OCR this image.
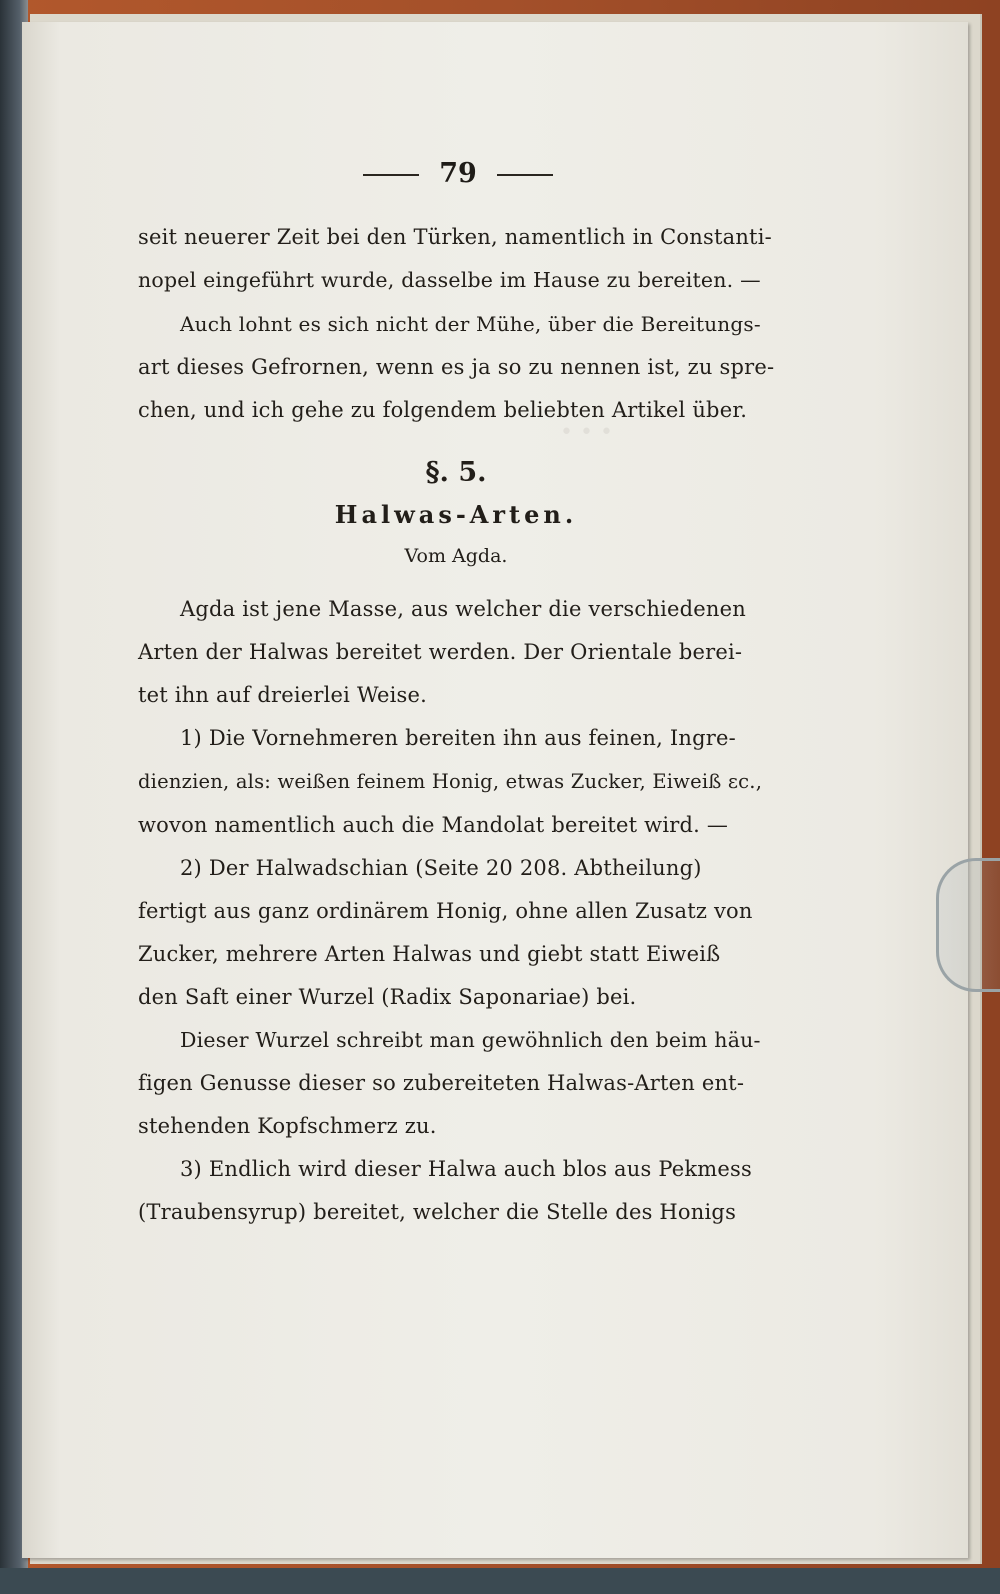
• • •
79
seit neuerer Zeit bei den Türken, namentlich in Constanti-
nopel eingeführt wurde, dasselbe im Hause zu bereiten. —
Auch lohnt es sich nicht der Mühe, über die Bereitungs-
art dieses Gefrornen, wenn es ja so zu nennen ist, zu spre-
chen, und ich gehe zu folgendem beliebten Artikel über.
§. 5.
Halwas-Arten.
Vom Agda.
Agda ist jene Masse, aus welcher die verschiedenen
Arten der Halwas bereitet werden. Der Orientale berei-
tet ihn auf dreierlei Weise.
1) Die Vornehmeren bereiten ihn aus feinen, Ingre-
dienzien, als: weißen feinem Honig, etwas Zucker, Eiweiß ɛc.,
wovon namentlich auch die Mandolat bereitet wird. —
2) Der Halwadschian (Seite 20 208. Abtheilung)
fertigt aus ganz ordinärem Honig, ohne allen Zusatz von
Zucker, mehrere Arten Halwas und giebt statt Eiweiß
den Saft einer Wurzel (Radix Saponariae) bei.
Dieser Wurzel schreibt man gewöhnlich den beim häu-
figen Genusse dieser so zubereiteten Halwas-Arten ent-
stehenden Kopfschmerz zu.
3) Endlich wird dieser Halwa auch blos aus Pekmess
(Traubensyrup) bereitet, welcher die Stelle des Honigs
